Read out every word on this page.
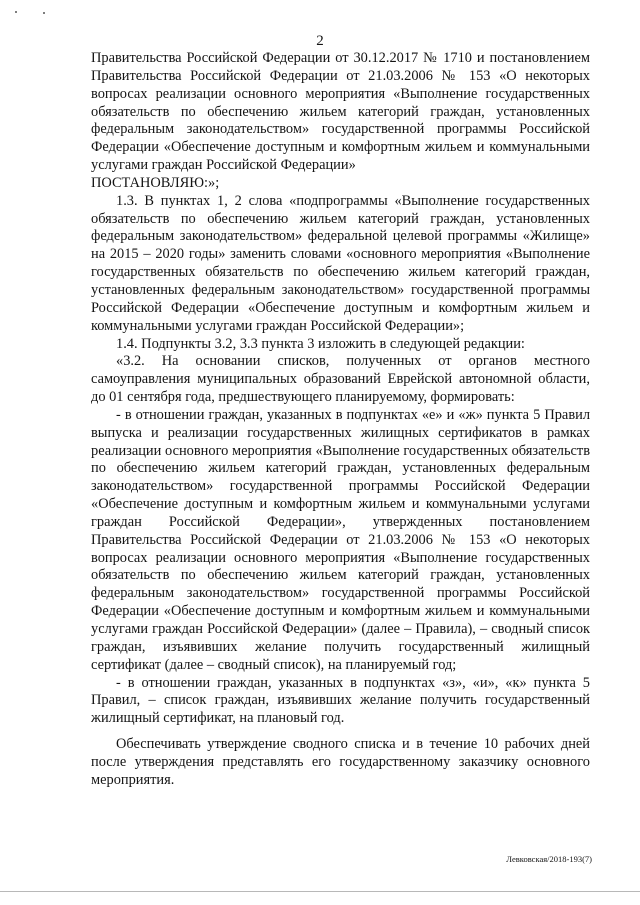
2

Правительства Российской Федерации от 30.12.2017 № 1710 и постановлением Правительства Российской Федерации от 21.03.2006 № 153 «О некоторых вопросах реализации основного мероприятия «Выполнение государственных обязательств по обеспечению жильем категорий граждан, установленных федеральным законодательством» государственной программы Российской Федерации «Обеспечение доступным и комфортным жильем и коммунальными услугами граждан Российской Федерации»

ПОСТАНОВЛЯЮ:»;

1.3. В пунктах 1, 2 слова «подпрограммы «Выполнение государственных обязательств по обеспечению жильем категорий граждан, установленных федеральным законодательством» федеральной целевой программы «Жилище» на 2015 – 2020 годы» заменить словами «основного мероприятия «Выполнение государственных обязательств по обеспечению жильем категорий граждан, установленных федеральным законодательством» государственной программы Российской Федерации «Обеспечение доступным и комфортным жильем и коммунальными услугами граждан Российской Федерации»;

1.4. Подпункты 3.2, 3.3 пункта 3 изложить в следующей редакции:

«3.2. На основании списков, полученных от органов местного самоуправления муниципальных образований Еврейской автономной области, до 01 сентября года, предшествующего планируемому, формировать:

- в отношении граждан, указанных в подпунктах «е» и «ж» пункта 5 Правил выпуска и реализации государственных жилищных сертификатов в рамках реализации основного мероприятия «Выполнение государственных обязательств по обеспечению жильем категорий граждан, установленных федеральным законодательством» государственной программы Российской Федерации «Обеспечение доступным и комфортным жильем и коммунальными услугами граждан Российской Федерации», утвержденных постановлением Правительства Российской Федерации от 21.03.2006 № 153 «О некоторых вопросах реализации основного мероприятия «Выполнение государственных обязательств по обеспечению жильем категорий граждан, установленных федеральным законодательством» государственной программы Российской Федерации «Обеспечение доступным и комфортным жильем и коммунальными услугами граждан Российской Федерации» (далее – Правила), – сводный список граждан, изъявивших желание получить государственный жилищный сертификат (далее – сводный список), на планируемый год;

- в отношении граждан, указанных в подпунктах «з», «и», «к» пункта 5 Правил, – список граждан, изъявивших желание получить государственный жилищный сертификат, на плановый год.

Обеспечивать утверждение сводного списка и в течение 10 рабочих дней после утверждения представлять его государственному заказчику основного мероприятия.

Левковская/2018-193(7)
